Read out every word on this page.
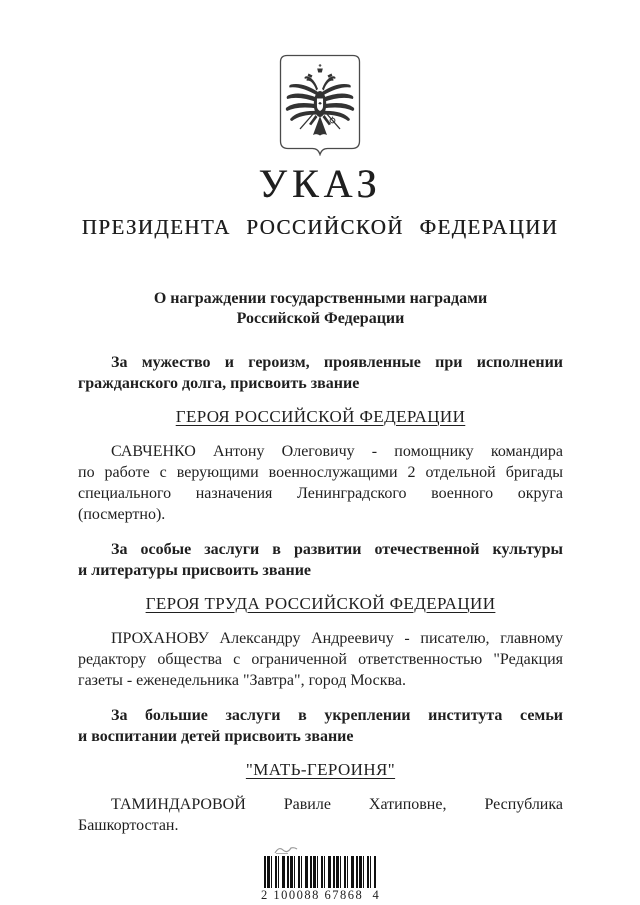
УКАЗ
ПРЕЗИДЕНТА РОССИЙСКОЙ ФЕДЕРАЦИИ
О награждении государственными наградами
Российской Федерации
За мужество и героизм, проявленные при исполнении
гражданского долга, присвоить звание
ГЕРОЯ РОССИЙСКОЙ ФЕДЕРАЦИИ
САВЧЕНКО Антону Олеговичу - помощнику командира
по работе с верующими военнослужащими 2 отдельной бригады
специального назначения Ленинградского военного округа
(посмертно).
За особые заслуги в развитии отечественной культуры
и литературы присвоить звание
ГЕРОЯ ТРУДА РОССИЙСКОЙ ФЕДЕРАЦИИ
ПРОХАНОВУ Александру Андреевичу - писателю, главному
редактору общества с ограниченной ответственностью "Редакция
газеты - еженедельника "Завтра", город Москва.
За большие заслуги в укреплении института семьи
и воспитании детей присвоить звание
"МАТЬ-ГЕРОИНЯ"
ТАМИНДАРОВОЙ Равиле Хатиповне, Республика Башкортостан.
2 100088 67868  4
